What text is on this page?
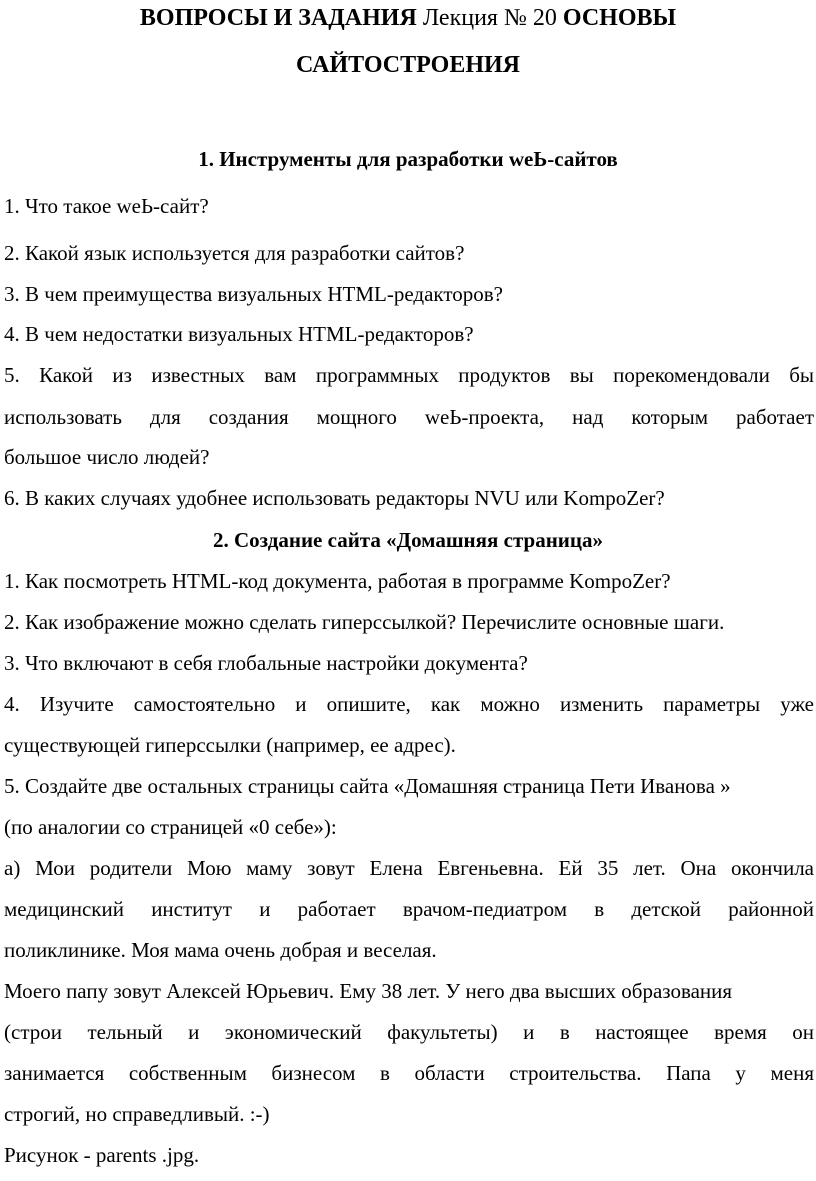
ВОПРОСЫ И ЗАДАНИЯ Лекция № 20 ОСНОВЫ
САЙТОСТРОЕНИЯ
1. Инструменты для разработки weЬ-сайтов
1. Что такое weЬ-сайт?
2. Какой язык используется для разработки сайтов?
3. В чем преимущества визуальных HTML-редакторов?
4. В чем недостатки визуальных HTML-редакторов?
5. Какой из известных вам программных продуктов вы порекомендовали бы
использовать для создания мощного weЬ-проекта, над которым работает
большое число людей?
6. В каких случаях удобнее использовать редакторы NVU или KompoZer?
2. Создание сайта «Домашняя страница»
1. Как посмотреть HTML-код документа, работая в программе KompoZer?
2. Как изображение можно сделать гиперссылкой? Перечислите основные шаги.
3. Что включают в себя глобальные настройки документа?
4. Изучите самостоятельно и опишите, как можно изменить параметры уже
существующей гиперссылки (например, ее адрес).
5. Создайте две остальных страницы сайта «Домашняя страница Пети Иванова »
(по аналогии со страницей «0 себе»):
а) Мои родители Мою маму зовут Елена Евгеньевна. Ей 35 лет. Она окончила
медицинский институт и работает врачом-педиатром в детской районной
поликлинике. Моя мама очень добрая и веселая.
Моего папу зовут Алексей Юрьевич. Ему 38 лет. У него два высших образования
(строи тельный и экономический факультеты) и в настоящее время он
занимается собственным бизнесом в области строительства. Папа у меня
строгий, но справедливый. :-)
Рисунок - parents .jpg.
